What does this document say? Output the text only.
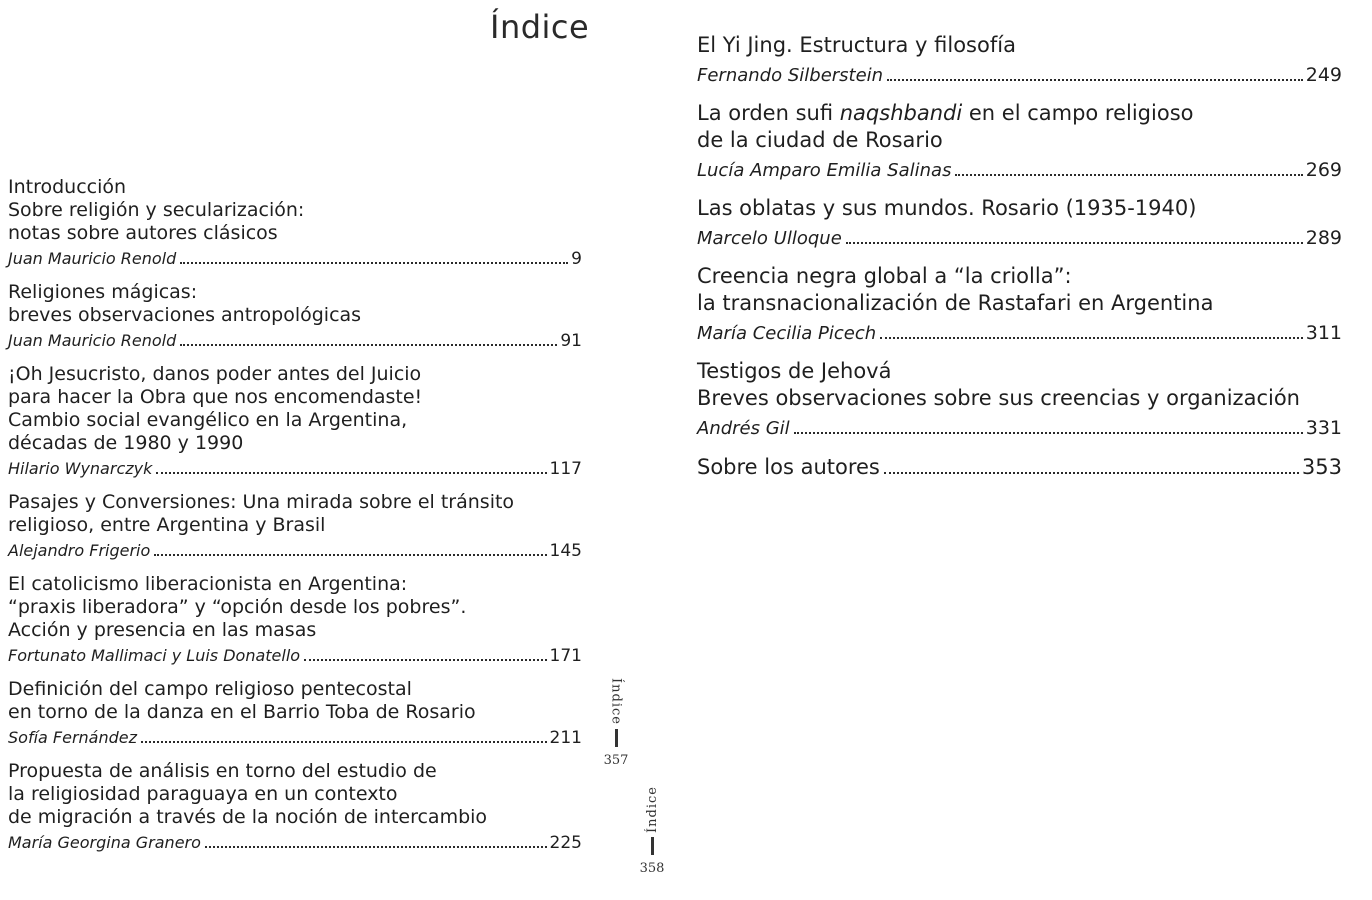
Índice
Introducción
Sobre religión y secularización:
notas sobre autores clásicos
Juan Mauricio Renold	9
Religiones mágicas:
breves observaciones antropológicas
Juan Mauricio Renold	91
¡Oh Jesucristo, danos poder antes del Juicio
para hacer la Obra que nos encomendaste!
Cambio social evangélico en la Argentina,
décadas de 1980 y 1990
Hilario Wynarczyk	117
Pasajes y Conversiones: Una mirada sobre el tránsito
religioso, entre Argentina y Brasil
Alejandro Frigerio	145
El catolicismo liberacionista en Argentina:
“praxis liberadora” y “opción desde los pobres”.
Acción y presencia en las masas
Fortunato Mallimaci y Luis Donatello	171
Definición del campo religioso pentecostal
en torno de la danza en el Barrio Toba de Rosario
Sofía Fernández	211
Propuesta de análisis en torno del estudio de
la religiosidad paraguaya en un contexto
de migración a través de la noción de intercambio
María Georgina Granero	225
El Yi Jing. Estructura y filosofía
Fernando Silberstein	249
La orden sufi naqshbandi en el campo religioso
de la ciudad de Rosario
Lucía Amparo Emilia Salinas	269
Las oblatas y sus mundos. Rosario (1935-1940)
Marcelo Ulloque	289
Creencia negra global a “la criolla”:
la transnacionalización de Rastafari en Argentina
María Cecilia Picech	311
Testigos de Jehová
Breves observaciones sobre sus creencias y organización
Andrés Gil	331
Sobre los autores	353
Índice
357
Índice
358
